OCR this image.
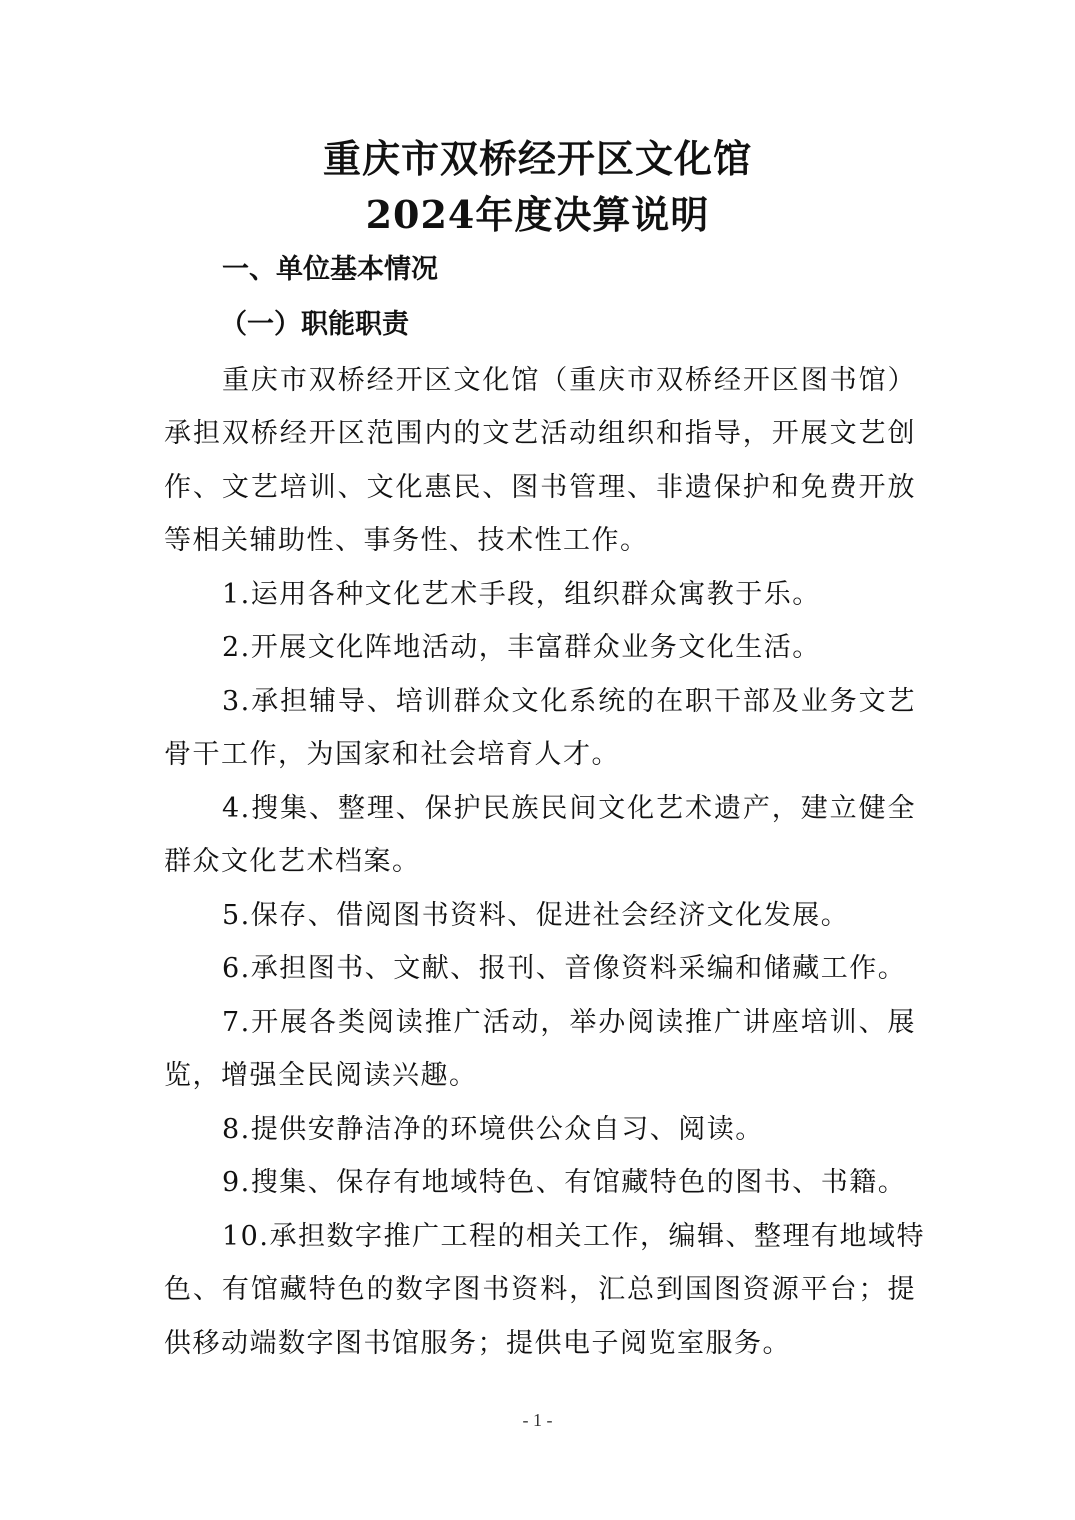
重庆市双桥经开区文化馆
2024年度决算说明
一、单位基本情况
（一）职能职责
重庆市双桥经开区文化馆（重庆市双桥经开区图书馆）
承担双桥经开区范围内的文艺活动组织和指导，开展文艺创
作、文艺培训、文化惠民、图书管理、非遗保护和免费开放
等相关辅助性、事务性、技术性工作。
1.运用各种文化艺术手段，组织群众寓教于乐。
2.开展文化阵地活动，丰富群众业务文化生活。
3.承担辅导、培训群众文化系统的在职干部及业务文艺
骨干工作，为国家和社会培育人才。
4.搜集、整理、保护民族民间文化艺术遗产，建立健全
群众文化艺术档案。
5.保存、借阅图书资料、促进社会经济文化发展。
6.承担图书、文献、报刊、音像资料采编和储藏工作。
7.开展各类阅读推广活动，举办阅读推广讲座培训、展
览，增强全民阅读兴趣。
8.提供安静洁净的环境供公众自习、阅读。
9.搜集、保存有地域特色、有馆藏特色的图书、书籍。
10.承担数字推广工程的相关工作，编辑、整理有地域特
色、有馆藏特色的数字图书资料，汇总到国图资源平台；提
供移动端数字图书馆服务；提供电子阅览室服务。
- 1 -
